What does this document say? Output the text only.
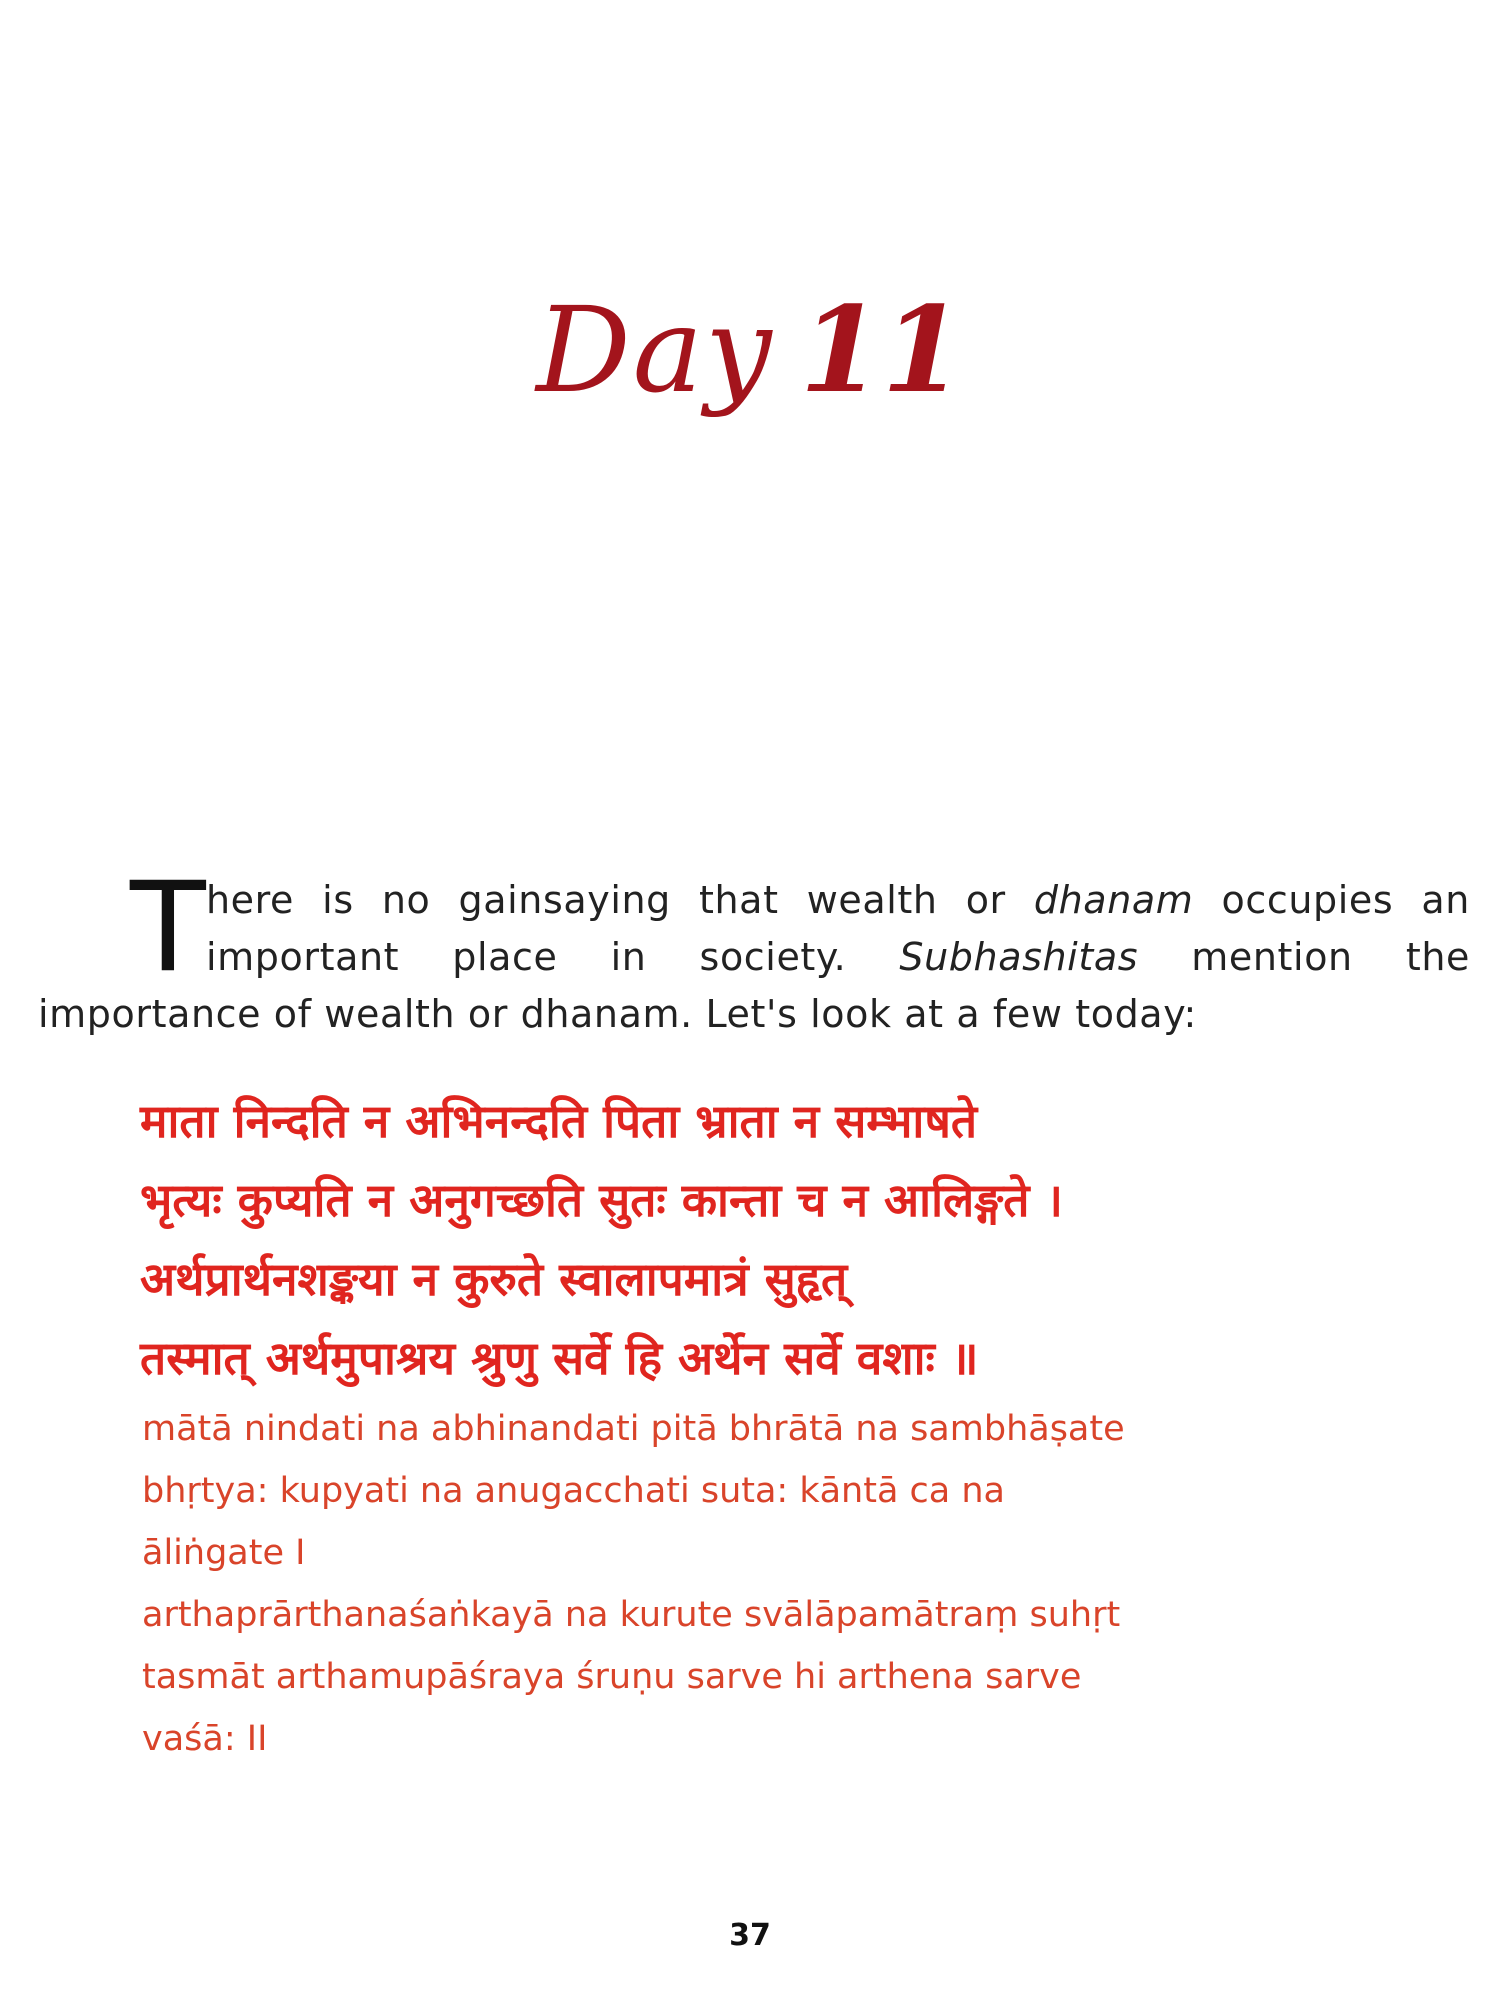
Day 11
T here is no gainsaying that wealth or dhanam occupies an
important place in society. Subhashitas mention the
importance of wealth or dhanam. Let's look at a few today:
माता निन्दति न अभिनन्दति पिता भ्राता न सम्भाषते
भृत्यः कुप्यति न अनुगच्छति सुतः कान्ता च न आलिङ्गते ।
अर्थप्रार्थनशङ्कया न कुरुते स्वालापमात्रं सुहृत्
तस्मात् अर्थमुपाश्रय श्रुणु सर्वे हि अर्थेन सर्वे वशाः ॥
mātā nindati na abhinandati pitā bhrātā na sambhāṣate
bhṛtya: kupyati na anugacchati suta: kāntā ca na
āliṅgate I
arthaprārthanaśaṅkayā na kurute svālāpamātraṃ suhṛt
tasmāt arthamupāśraya śruṇu sarve hi arthena sarve
vaśā: II
37
